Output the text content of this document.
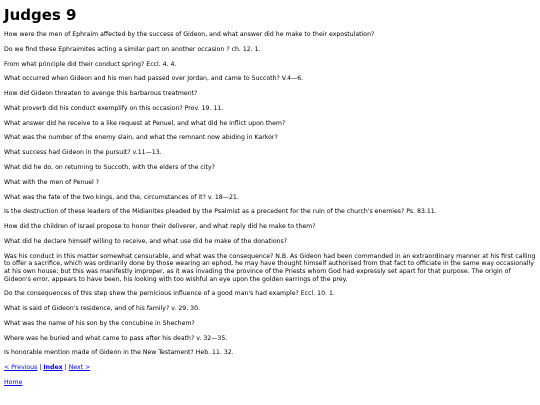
Judges 9

How were the men of Ephraim affected by the success of Gideon, and what answer did he make to their expostulation?

Do we find these Ephraimites acting a similar part on another occasion ? ch. 12. 1.

From what principle did their conduct spring? Eccl. 4. 4.

What occurred when Gideon and his men had passed over Jordan, and came to Succoth? V.4—6.

How did Gideon threaten to avenge this barbarous treatment?

What proverb did his conduct exemplify on this occasion? Prov. 19. 11.

What answer did he receive to a like request at Penuel, and what did he inflict upon them?

What was the number of the enemy slain, and what the remnant now abiding in Karkor?

What success had Gideon in the pursuit? v.11—13.

What did he do, on returning to Succoth, with the elders of the city?

What with the men of Penuel ?

What was the fate of the two kings, and the, circumstances of it? v. 18—21.

Is the destruction of these leaders of the Midianites pleaded by the Psalmist as a precedent for the ruin of the church's enemies? Ps. 83.11.

How did the children of Israel propose to honor their deliverer, and what reply did he make to them?

What did he declare himself willing to receive, and what use did he make of the donations?

Was his conduct in this matter somewhat censurable, and what was the consequence? N.B. As Gideon had been commanded in an extraordinary manner at his first calling to offer a sacrifice, which was ordinarily done by those wearing an ephod, he may have thought himself authorised from that fact to officiate in the same way occasionally at his own house; but this was manifestly improper, as it was invading the province of the Priests whom God had expressly set apart for that purpose. The origin of Gideon's error, appears to have been, his looking with too wishful an eye upon the golden earrings of the prey.

Do the consequences of this step shew the pernicious influence of a good man's had example? Eccl. 10. 1.

What is said of Gideon's residence, and of his family? v. 29, 30.

What was the name of his son by the concubine in Shechem?

Where was he buried and what came to pass after his death? v. 32—35.

Is honorable mention made of Gideon in the New Testament? Heb. 11. 32.

< Previous | Index | Next >
Home
